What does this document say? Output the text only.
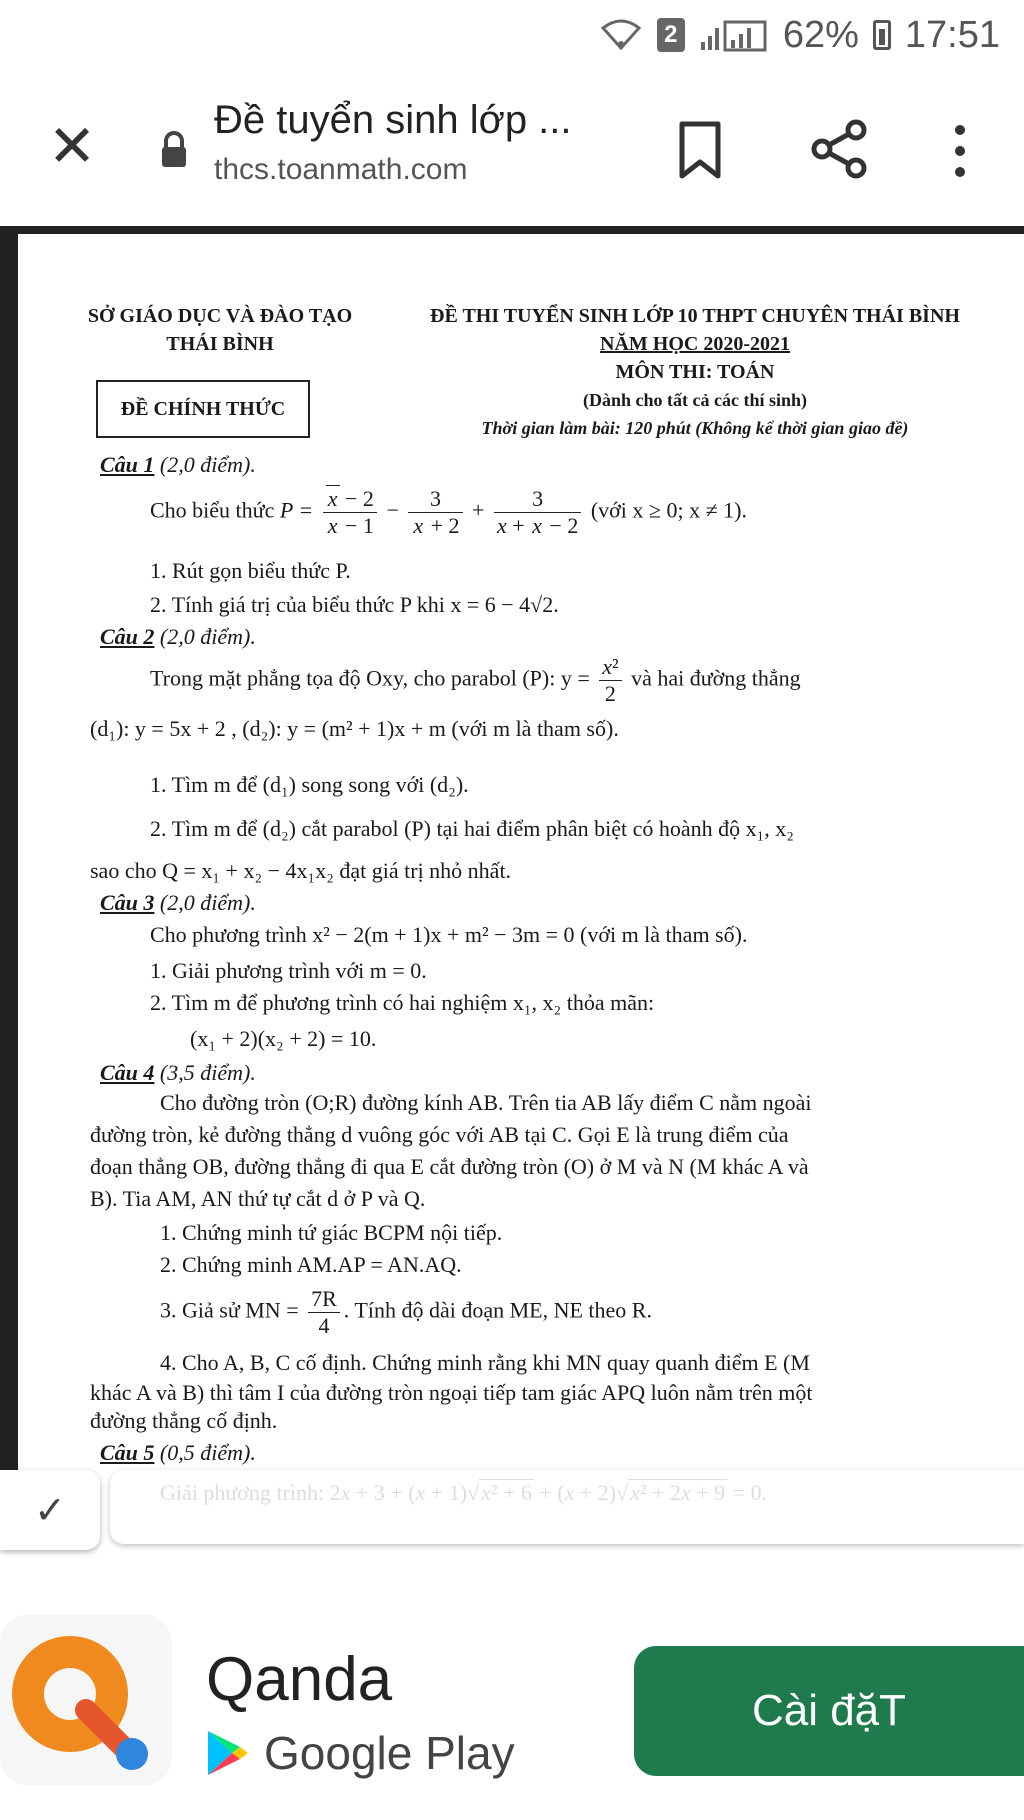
2	62% 17:51
✕	Đề tuyển sinh lớp ...
thcs.toanmath.com
SỞ GIÁO DỤC VÀ ĐÀO TẠO
THÁI BÌNH
ĐỀ THI TUYỂN SINH LỚP 10 THPT CHUYÊN THÁI BÌNH
NĂM HỌC 2020-2021
MÔN THI: TOÁN
(Dành cho tất cả các thí sinh)
Thời gian làm bài: 120 phút (Không kể thời gian giao đề)
ĐỀ CHÍNH THỨC
Câu 1 (2,0 điểm).
Cho biểu thức $P = \frac{x - 2}{x - 1} - \frac{3}{x + 2} + \frac{3}{x + x - 2}$ (với x ≥ 0; x ≠ 1).
1. Rút gọn biểu thức P.
2. Tính giá trị của biểu thức P khi x = 6 − 4√2.
Câu 2 (2,0 điểm).
Trong mặt phẳng tọa độ Oxy, cho parabol (P): $y = \frac{\text{x²}}{2}$ và hai đường thẳng
(d₁): y = 5x + 2 , (d₂): y = (m² + 1)x + m (với m là tham số).
1. Tìm m để (d₁) song song với (d₂).
2. Tìm m để (d₂) cắt parabol (P) tại hai điểm phân biệt có hoành độ x₁, x₂
sao cho Q = x₁ + x₂ − 4x₁x₂ đạt giá trị nhỏ nhất.
Câu 3 (2,0 điểm).
Cho phương trình x² − 2(m + 1)x + m² − 3m = 0 (với m là tham số).
1. Giải phương trình với m = 0.
2. Tìm m để phương trình có hai nghiệm x₁, x₂ thỏa mãn:
(x₁ + 2)(x₂ + 2) = 10.
Câu 4 (3,5 điểm).
Cho đường tròn (O;R) đường kính AB. Trên tia AB lấy điểm C nằm ngoài
đường tròn, kẻ đường thẳng d vuông góc với AB tại C. Gọi E là trung điểm của
đoạn thẳng OB, đường thẳng đi qua E cắt đường tròn (O) ở M và N (M khác A và
B). Tia AM, AN thứ tự cắt d ở P và Q.
1. Chứng minh tứ giác BCPM nội tiếp.
2. Chứng minh AM.AP = AN.AQ.
3. Giả sử MN = $\frac{7R}{4}$ . Tính độ dài đoạn ME, NE theo R.
4. Cho A, B, C cố định. Chứng minh rằng khi MN quay quanh điểm E (M
khác A và B) thì tâm I của đường tròn ngoại tiếp tam giác APQ luôn nằm trên một
đường thẳng cố định.
Câu 5 (0,5 điểm).
✓
Qanda
Google Play
Cài đặT
